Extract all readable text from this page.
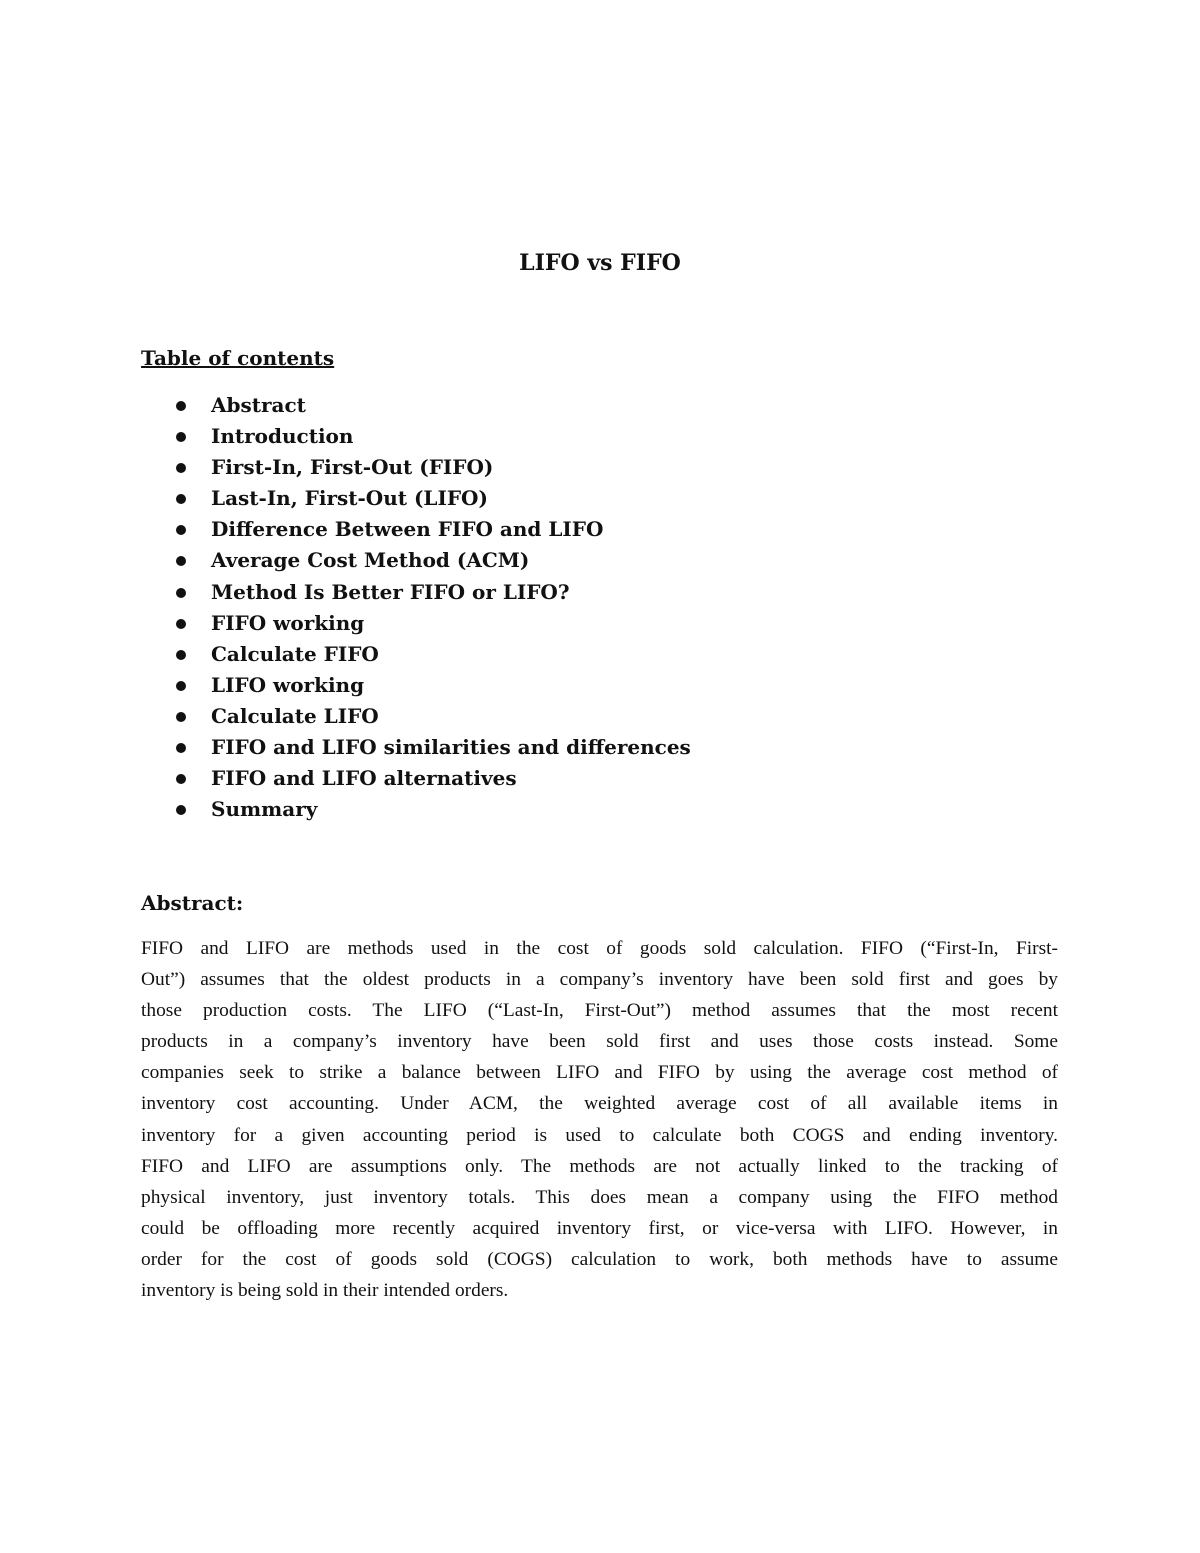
LIFO vs FIFO
Table of contents
Abstract
Introduction
First-In, First-Out (FIFO)
Last-In, First-Out (LIFO)
Difference Between FIFO and LIFO
Average Cost Method (ACM)
Method Is Better FIFO or LIFO?
FIFO working
Calculate FIFO
LIFO working
Calculate LIFO
FIFO and LIFO similarities and differences
FIFO and LIFO alternatives
Summary
Abstract:

FIFO and LIFO are methods used in the cost of goods sold calculation. FIFO (“First-In, First-
Out”) assumes that the oldest products in a company’s inventory have been sold first and goes by
those production costs. The LIFO (“Last-In, First-Out”) method assumes that the most recent
products in a company’s inventory have been sold first and uses those costs instead. Some
companies seek to strike a balance between LIFO and FIFO by using the average cost method of
inventory cost accounting. Under ACM, the weighted average cost of all available items in
inventory for a given accounting period is used to calculate both COGS and ending inventory.
FIFO and LIFO are assumptions only. The methods are not actually linked to the tracking of
physical inventory, just inventory totals. This does mean a company using the FIFO method
could be offloading more recently acquired inventory first, or vice-versa with LIFO. However, in
order for the cost of goods sold (COGS) calculation to work, both methods have to assume
inventory is being sold in their intended orders.
